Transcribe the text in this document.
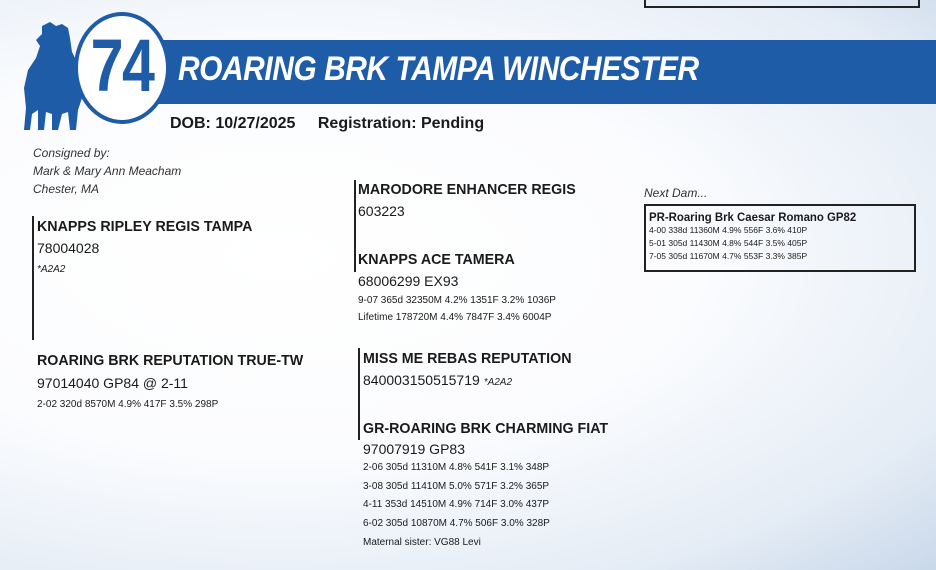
ROARING BRK TAMPA WINCHESTER
74
DOB: 10/27/2025 Registration: Pending
Consigned by:
Mark & Mary Ann Meacham
Chester, MA
KNAPPS RIPLEY REGIS TAMPA
78004028
*A2A2
MARODORE ENHANCER REGIS
603223
KNAPPS ACE TAMERA
68006299 EX93
9-07 365d 32350M 4.2% 1351F 3.2% 1036P
Lifetime 178720M 4.4% 7847F 3.4% 6004P
ROARING BRK REPUTATION TRUE-TW
97014040 GP84 @ 2-11
2-02 320d 8570M 4.9% 417F 3.5% 298P
MISS ME REBAS REPUTATION
840003150515719 *A2A2
GR-ROARING BRK CHARMING FIAT
97007919 GP83
2-06 305d 11310M 4.8% 541F 3.1% 348P
3-08 305d 11410M 5.0% 571F 3.2% 365P
4-11 353d 14510M 4.9% 714F 3.0% 437P
6-02 305d 10870M 4.7% 506F 3.0% 328P
Maternal sister: VG88 Levi
Next Dam...
PR-Roaring Brk Caesar Romano GP82
4-00 338d 11360M 4.9% 556F 3.6% 410P
5-01 305d 11430M 4.8% 544F 3.5% 405P
7-05 305d 11670M 4.7% 553F 3.3% 385P
